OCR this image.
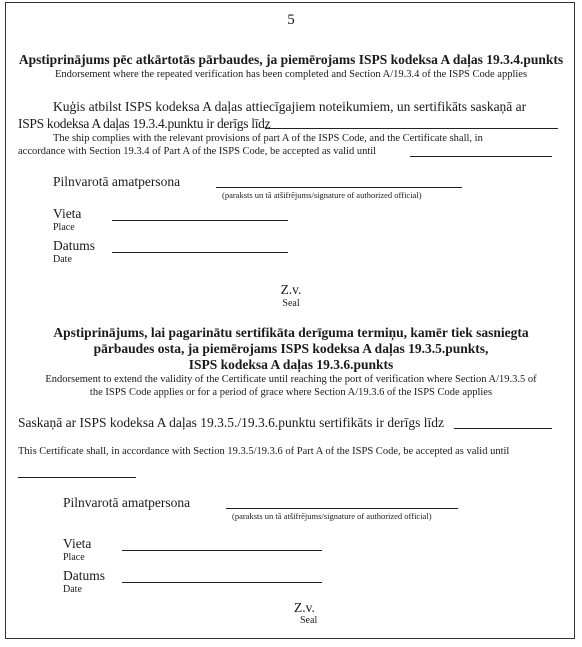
5
Apstiprinājums pēc atkārtotās pārbaudes, ja piemērojams ISPS kodeksa A daļas 19.3.4.punkts
Endorsement where the repeated verification has been completed and Section A/19.3.4 of the ISPS Code applies
Kuģis atbilst ISPS kodeksa A daļas attiecīgajiem noteikumiem, un sertifikāts saskaņā ar
ISPS kodeksa A daļas 19.3.4.punktu ir derīgs līdz
The ship complies with the relevant provisions of part A of the ISPS Code, and the Certificate shall, in
accordance with Section 19.3.4 of Part A of the ISPS Code, be accepted as valid until
Pilnvarotā amatpersona
(paraksts un tā atšifrējums/signature of authorized official)
Vieta
Place
Datums
Date
Z.v.
Seal
Apstiprinājums, lai pagarinātu sertifikāta derīguma termiņu, kamēr tiek sasniegta
pārbaudes osta, ja piemērojams ISPS kodeksa A daļas 19.3.5.punkts,
ISPS kodeksa A daļas 19.3.6.punkts
Endorsement to extend the validity of the Certificate until reaching the port of verification where Section A/19.3.5 of
the ISPS Code applies or for a period of grace where Section A/19.3.6 of the ISPS Code applies
Saskaņā ar ISPS kodeksa A daļas 19.3.5./19.3.6.punktu sertifikāts ir derīgs līdz
This Certificate shall, in accordance with Section 19.3.5/19.3.6 of Part A of the ISPS Code, be accepted as valid until
Pilnvarotā amatpersona
(paraksts un tā atšifrējums/signature of authorized official)
Vieta
Place
Datums
Date
Z.v.
Seal
